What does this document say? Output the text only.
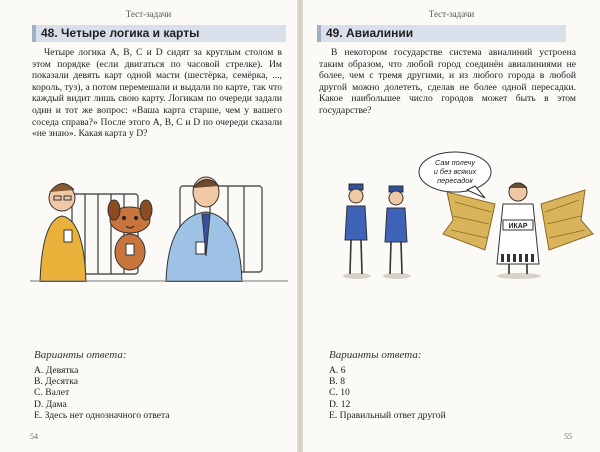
Тест-задачи
48. Четыре логика и карты

Четыре логика A, B, C и D сидят за круглым столом в этом порядке (если двигаться по часовой стрелке). Им показали девять карт одной масти (шестёрка, семёрка, ..., король, туз), а потом перемешали и выдали по карте, так что каждый видит лишь свою карту. Логикам по очереди задали один и тот же вопрос: «Ваша карта старше, чем у вашего соседа справа?» После этого A, B, C и D по очереди сказали «не знаю». Какая карта у D?

Варианты ответа:
A. Девятка
B. Десятка
C. Валет
D. Дама
E. Здесь нет однозначного ответа
54
Тест-задачи
49. Авиалинии

В некотором государстве система авиалиний устроена таким образом, что любой город соединён авиалиниями не более, чем с тремя другими, и из любого города в любой другой можно долететь, сделав не более одной пересадки. Какое наибольшее число городов может быть в этом государстве?

Сам полечу
и без всяких
пересадок
ИКАР
Варианты ответа:
A. 6
B. 8
C. 10
D. 12
E. Правильный ответ другой
55
